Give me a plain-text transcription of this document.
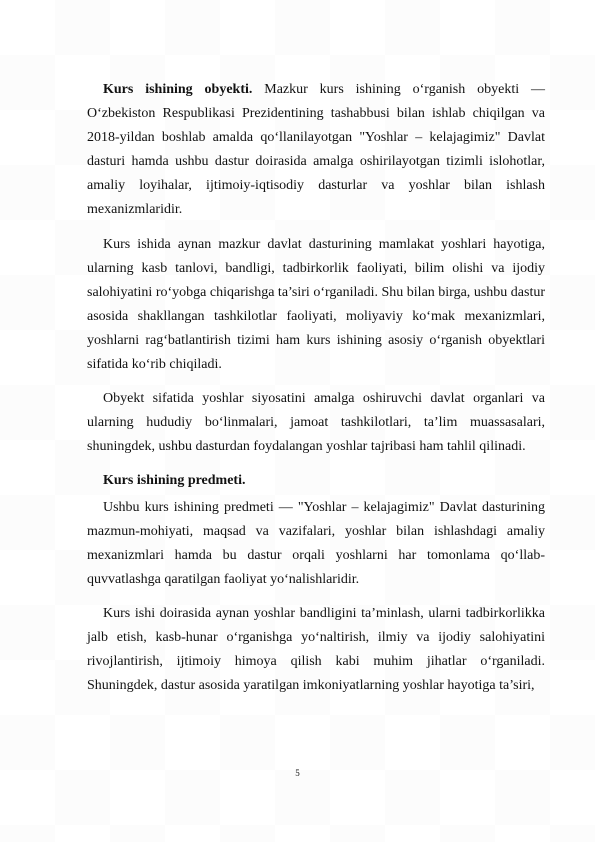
Kurs ishining obyekti. Mazkur kurs ishining o‘rganish obyekti — O‘zbekiston Respublikasi Prezidentining tashabbusi bilan ishlab chiqilgan va 2018-yildan boshlab amalda qo‘llanilayotgan "Yoshlar – kelajagimiz" Davlat dasturi hamda ushbu dastur doirasida amalga oshirilayotgan tizimli islohotlar, amaliy loyihalar, ijtimoiy-iqtisodiy dasturlar va yoshlar bilan ishlash mexanizmlaridir.

Kurs ishida aynan mazkur davlat dasturining mamlakat yoshlari hayotiga, ularning kasb tanlovi, bandligi, tadbirkorlik faoliyati, bilim olishi va ijodiy salohiyatini ro‘yobga chiqarishga ta’siri o‘rganiladi. Shu bilan birga, ushbu dastur asosida shakllangan tashkilotlar faoliyati, moliyaviy ko‘mak mexanizmlari, yoshlarni rag‘batlantirish tizimi ham kurs ishining asosiy o‘rganish obyektlari sifatida ko‘rib chiqiladi.

Obyekt sifatida yoshlar siyosatini amalga oshiruvchi davlat organlari va ularning hududiy bo‘linmalari, jamoat tashkilotlari, ta’lim muassasalari, shuningdek, ushbu dasturdan foydalangan yoshlar tajribasi ham tahlil qilinadi.

Kurs ishining predmeti.

Ushbu kurs ishining predmeti — "Yoshlar – kelajagimiz" Davlat dasturining mazmun-mohiyati, maqsad va vazifalari, yoshlar bilan ishlashdagi amaliy mexanizmlari hamda bu dastur orqali yoshlarni har tomonlama qo‘llab-quvvatlashga qaratilgan faoliyat yo‘nalishlaridir.

Kurs ishi doirasida aynan yoshlar bandligini ta’minlash, ularni tadbirkorlikka jalb etish, kasb-hunar o‘rganishga yo‘naltirish, ilmiy va ijodiy salohiyatini rivojlantirish, ijtimoiy himoya qilish kabi muhim jihatlar o‘rganiladi. Shuningdek, dastur asosida yaratilgan imkoniyatlarning yoshlar hayotiga ta’siri,

5
